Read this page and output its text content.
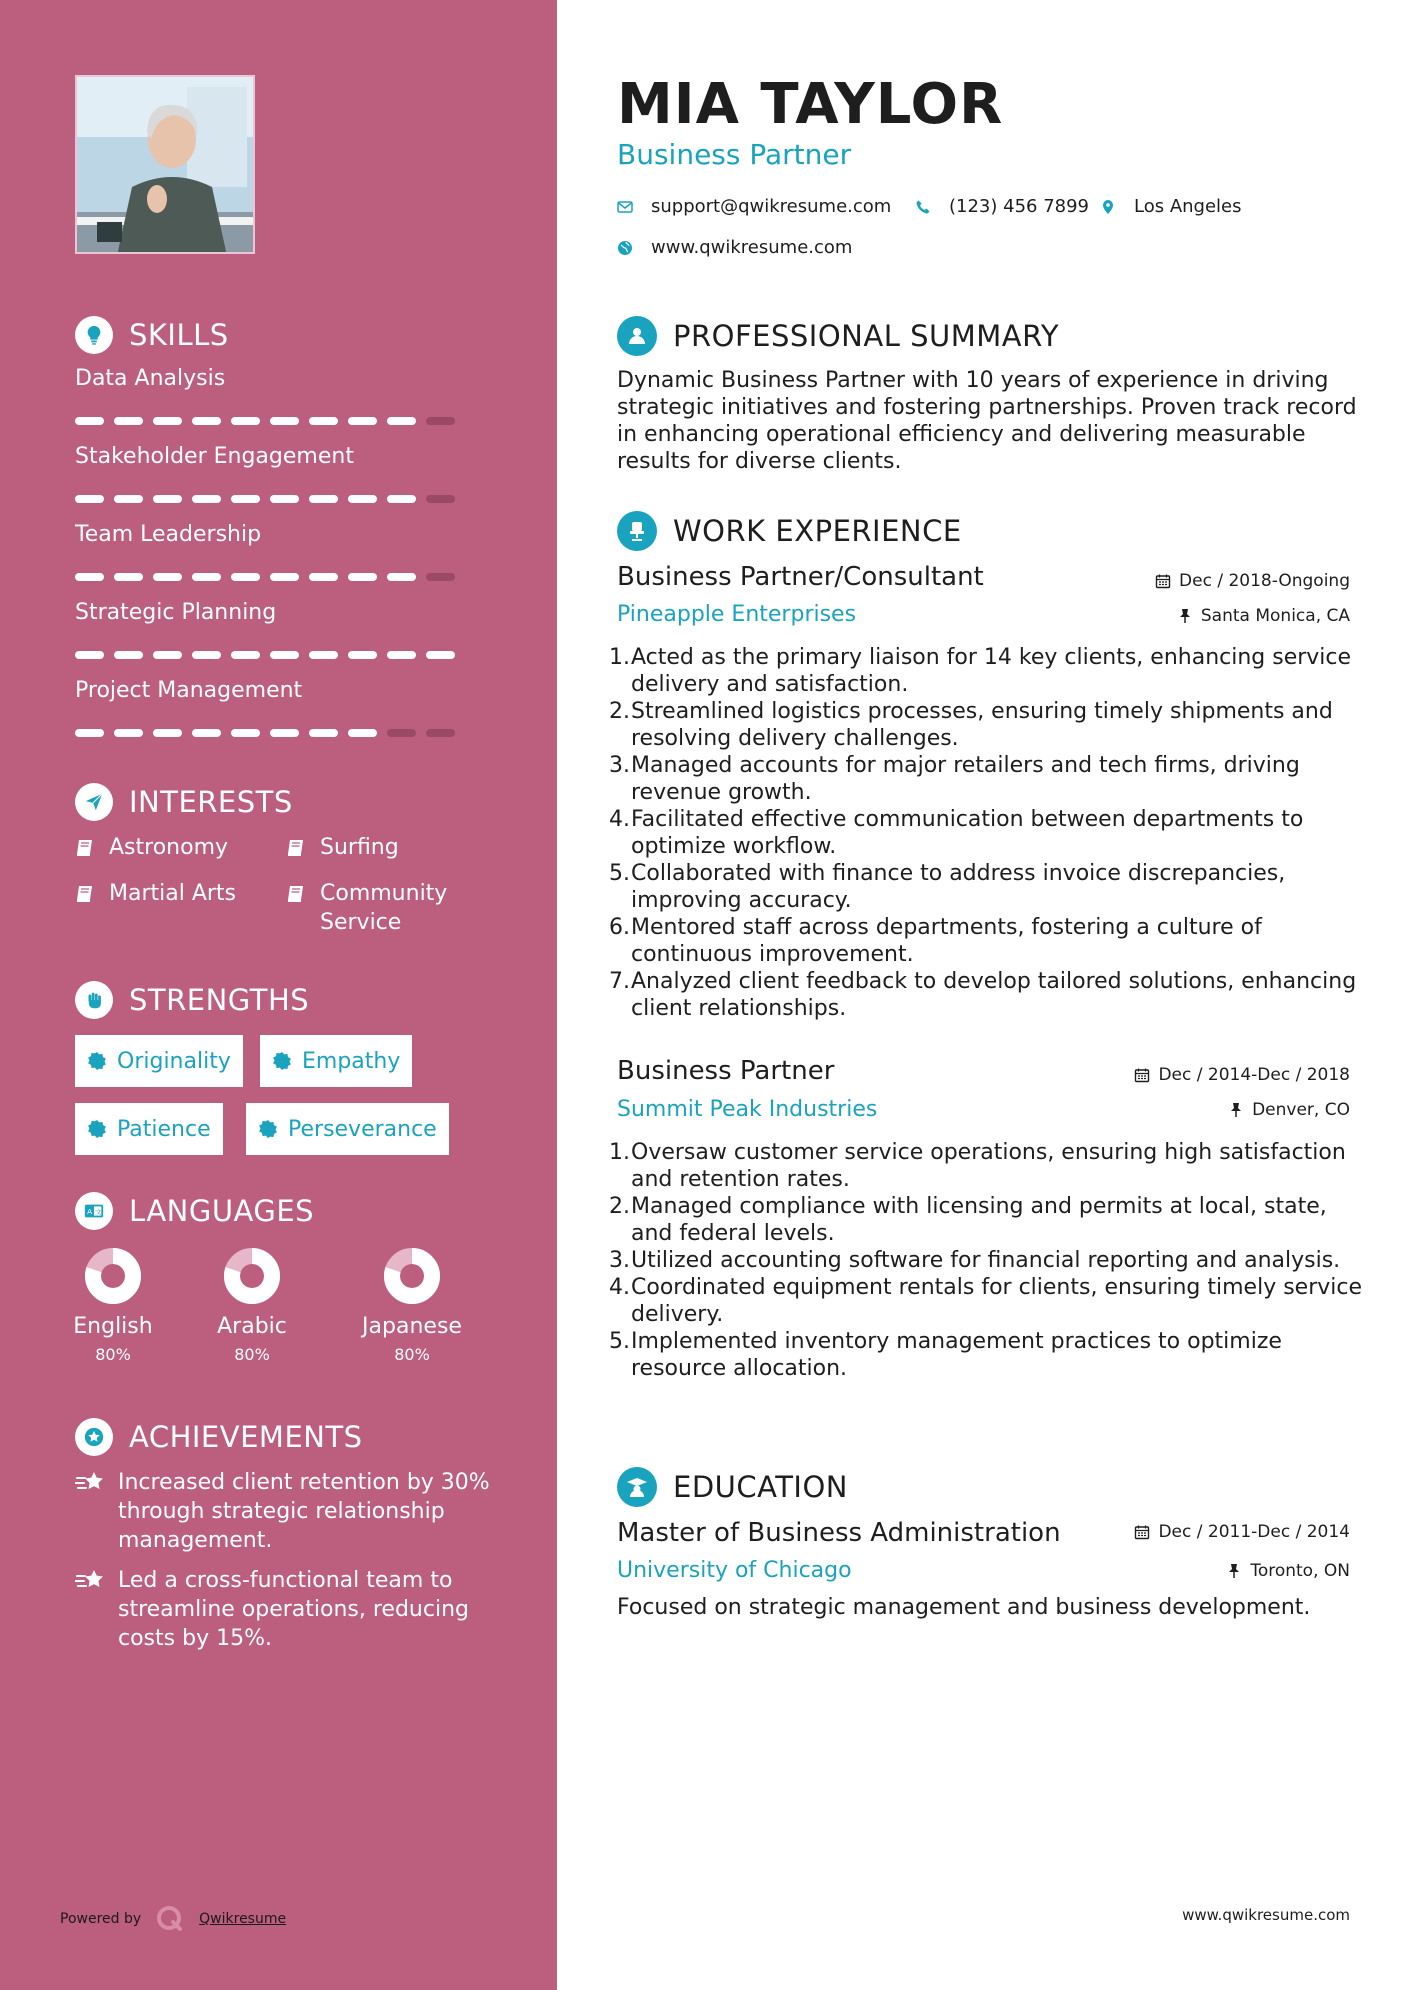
SKILLS
Data Analysis
Stakeholder Engagement
Team Leadership
Strategic Planning
Project Management
INTERESTS
Astronomy	Surfing
Martial Arts	Community Service
STRENGTHS
Originality	Empathy
Patience	Perseverance
A 文 LANGUAGES
English
80%
Arabic
80%
Japanese
80%
ACHIEVEMENTS
Increased client retention by 30% through strategic relationship management.
Led a cross-functional team to streamline operations, reducing costs by 15%.
Powered by	Qwikresume
MIA TAYLOR
Business Partner
support@qwikresume.com	(123) 456 7899 Los Angeles
www.qwikresume.com
PROFESSIONAL SUMMARY
Dynamic Business Partner with 10 years of experience in driving strategic initiatives and fostering partnerships. Proven track record in enhancing operational efficiency and delivering measurable results for diverse clients.
WORK EXPERIENCE
Business Partner/Consultant	Dec / 2018-Ongoing
Pineapple Enterprises	Santa Monica, CA
1. Acted as the primary liaison for 14 key clients, enhancing service delivery and satisfaction.
2. Streamlined logistics processes, ensuring timely shipments and resolving delivery challenges.
3. Managed accounts for major retailers and tech firms, driving revenue growth.
4. Facilitated effective communication between departments to optimize workflow.
5. Collaborated with finance to address invoice discrepancies, improving accuracy.
6. Mentored staff across departments, fostering a culture of continuous improvement.
7. Analyzed client feedback to develop tailored solutions, enhancing client relationships.
Business Partner	Dec / 2014-Dec / 2018
Summit Peak Industries	Denver, CO
1. Oversaw customer service operations, ensuring high satisfaction and retention rates.
2. Managed compliance with licensing and permits at local, state, and federal levels.
3. Utilized accounting software for financial reporting and analysis.
4. Coordinated equipment rentals for clients, ensuring timely service delivery.
5. Implemented inventory management practices to optimize resource allocation.
EDUCATION
Master of Business Administration	Dec / 2011-Dec / 2014
University of Chicago	Toronto, ON
Focused on strategic management and business development.
www.qwikresume.com
